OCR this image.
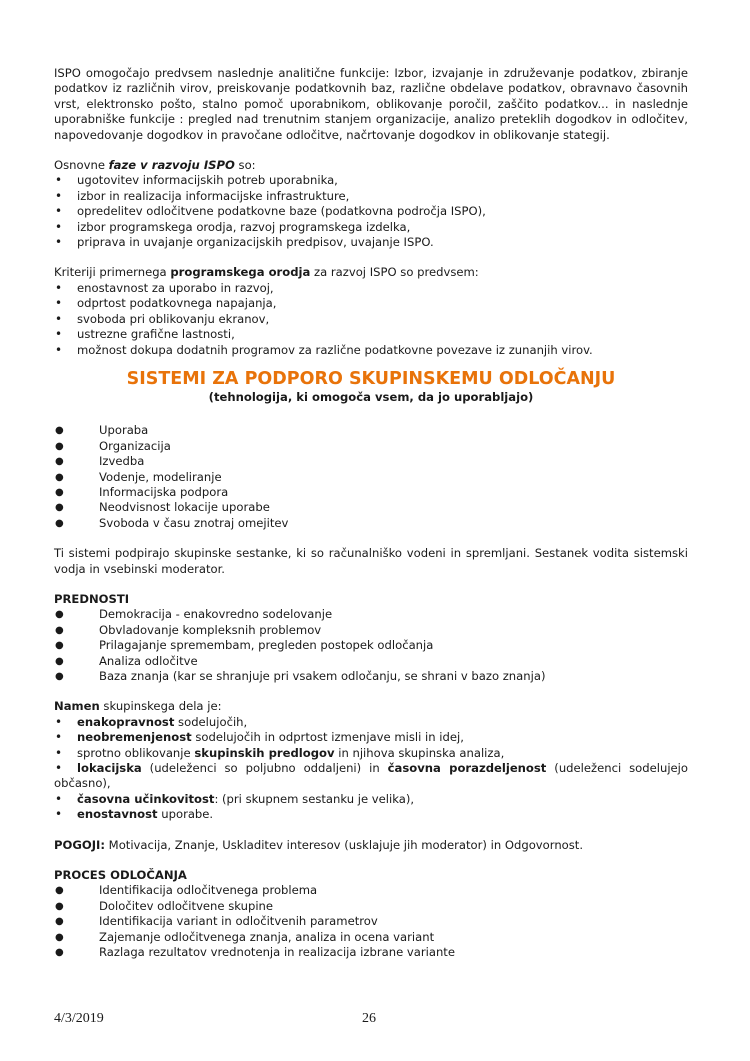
ISPO omogočajo predvsem naslednje analitične funkcije: Izbor, izvajanje in združevanje podatkov, zbiranje podatkov iz različnih virov, preiskovanje podatkovnih baz, različne obdelave podatkov, obravnavo časovnih vrst, elektronsko pošto, stalno pomoč uporabnikom, oblikovanje poročil, zaščito podatkov... in naslednje uporabniške funkcije : pregled nad trenutnim stanjem organizacije, analizo preteklih dogodkov in odločitev, napovedovanje dogodkov in pravočane odločitve, načrtovanje dogodkov in oblikovanje stategij.

Osnovne faze v razvoju ISPO so:

• ugotovitev informacijskih potreb uporabnika,
• izbor in realizacija informacijske infrastrukture,
• opredelitev odločitvene podatkovne baze (podatkovna področja ISPO),
• izbor programskega orodja, razvoj programskega izdelka,
• priprava in uvajanje organizacijskih predpisov, uvajanje ISPO.

Kriteriji primernega programskega orodja za razvoj ISPO so predvsem:

• enostavnost za uporabo in razvoj,
• odprtost podatkovnega napajanja,
• svoboda pri oblikovanju ekranov,
• ustrezne grafične lastnosti,
• možnost dokupa dodatnih programov za različne podatkovne povezave iz zunanjih virov.
SISTEMI ZA PODPORO SKUPINSKEMU ODLOČANJU
(tehnologija, ki omogoča vsem, da jo uporabljajo)
● Uporaba
● Organizacija
● Izvedba
● Vodenje, modeliranje
● Informacijska podpora
● Neodvisnost lokacije uporabe
● Svoboda v času znotraj omejitev

Ti sistemi podpirajo skupinske sestanke, ki so računalniško vodeni in spremljani. Sestanek vodita sistemski vodja in vsebinski moderator.

PREDNOSTI

● Demokracija - enakovredno sodelovanje
● Obvladovanje kompleksnih problemov
● Prilagajanje spremembam, pregleden postopek odločanja
● Analiza odločitve
● Baza znanja (kar se shranjuje pri vsakem odločanju, se shrani v bazo znanja)

Namen skupinskega dela je:

• enakopravnost sodelujočih,
• neobremenjenost sodelujočih in odprtost izmenjave misli in idej,
• sprotno oblikovanje skupinskih predlogov in njihova skupinska analiza,
• lokacijska (udeleženci so poljubno oddaljeni) in časovna porazdeljenost (udeleženci sodelujejo občasno),
• časovna učinkovitost: (pri skupnem sestanku je velika),
• enostavnost uporabe.

POGOJI: Motivacija, Znanje, Uskladitev interesov (usklajuje jih moderator) in Odgovornost.

PROCES ODLOČANJA

● Identifikacija odločitvenega problema
● Določitev odločitvene skupine
● Identifikacija variant in odločitvenih parametrov
● Zajemanje odločitvenega znanja, analiza in ocena variant
● Razlaga rezultatov vrednotenja in realizacija izbrane variante
4/3/2019	26
